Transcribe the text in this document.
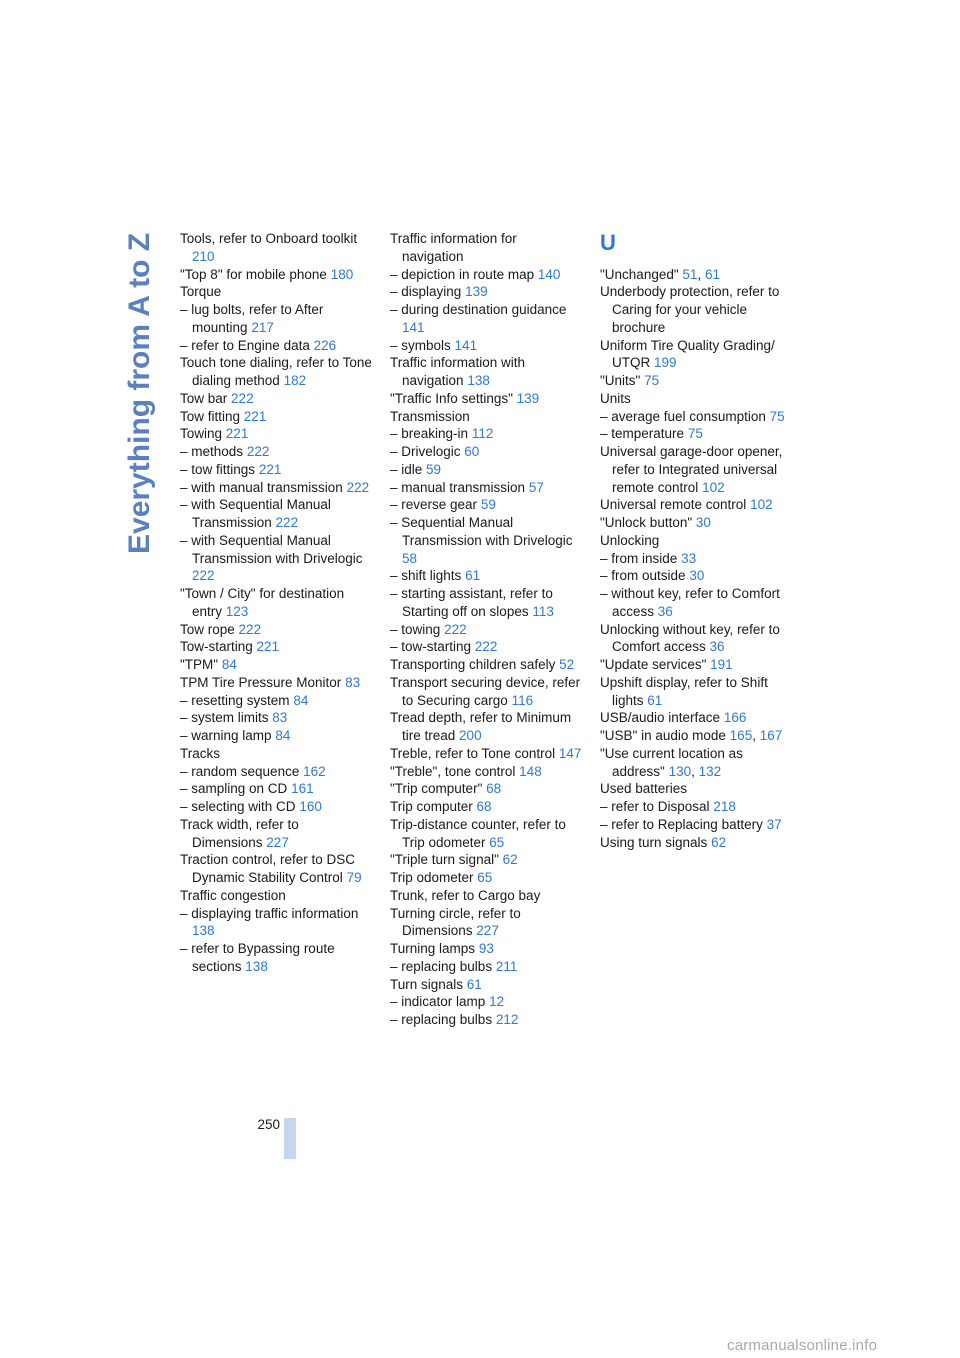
Everything from A to Z Tools, refer to Onboard toolkit 210
"Top 8" for mobile phone 180
Torque
– lug bolts, refer to After mounting 217
– refer to Engine data 226
Touch tone dialing, refer to Tone dialing method 182
Tow bar 222
Tow fitting 221
Towing 221
– methods 222
– tow fittings 221
– with manual transmission 222
– with Sequential Manual Transmission 222
– with Sequential Manual Transmission with Drivelogic 222
"Town / City" for destination entry 123
Tow rope 222
Tow-starting 221
"TPM" 84
TPM Tire Pressure Monitor 83
– resetting system 84
– system limits 83
– warning lamp 84
Tracks
– random sequence 162
– sampling on CD 161
– selecting with CD 160
Track width, refer to Dimensions 227
Traction control, refer to DSC Dynamic Stability Control 79
Traffic congestion
– displaying traffic information 138
– refer to Bypassing route sections 138
Traffic information for navigation
– depiction in route map 140
– displaying 139
– during destination guidance 141
– symbols 141
Traffic information with navigation 138
"Traffic Info settings" 139
Transmission
– breaking-in 112
– Drivelogic 60
– idle 59
– manual transmission 57
– reverse gear 59
– Sequential Manual Transmission with Drivelogic 58
– shift lights 61
– starting assistant, refer to Starting off on slopes 113
– towing 222
– tow-starting 222
Transporting children safely 52
Transport securing device, refer to Securing cargo 116
Tread depth, refer to Minimum tire tread 200
Treble, refer to Tone control 147
"Treble", tone control 148
"Trip computer" 68
Trip computer 68
Trip-distance counter, refer to Trip odometer 65
"Triple turn signal" 62
Trip odometer 65
Trunk, refer to Cargo bay
Turning circle, refer to Dimensions 227
Turning lamps 93
– replacing bulbs 211
Turn signals 61
– indicator lamp 12
– replacing bulbs 212
U
"Unchanged" 51, 61
Underbody protection, refer to Caring for your vehicle brochure
Uniform Tire Quality Grading/ UTQR 199
"Units" 75
Units
– average fuel consumption 75
– temperature 75
Universal garage-door opener, refer to Integrated universal remote control 102
Universal remote control 102
"Unlock button" 30
Unlocking
– from inside 33
– from outside 30
– without key, refer to Comfort access 36
Unlocking without key, refer to Comfort access 36
"Update services" 191
Upshift display, refer to Shift lights 61
USB/audio interface 166
"USB" in audio mode 165, 167
"Use current location as address" 130, 132
Used batteries
– refer to Disposal 218
– refer to Replacing battery 37
Using turn signals 62
250
carmanualsonline.info
